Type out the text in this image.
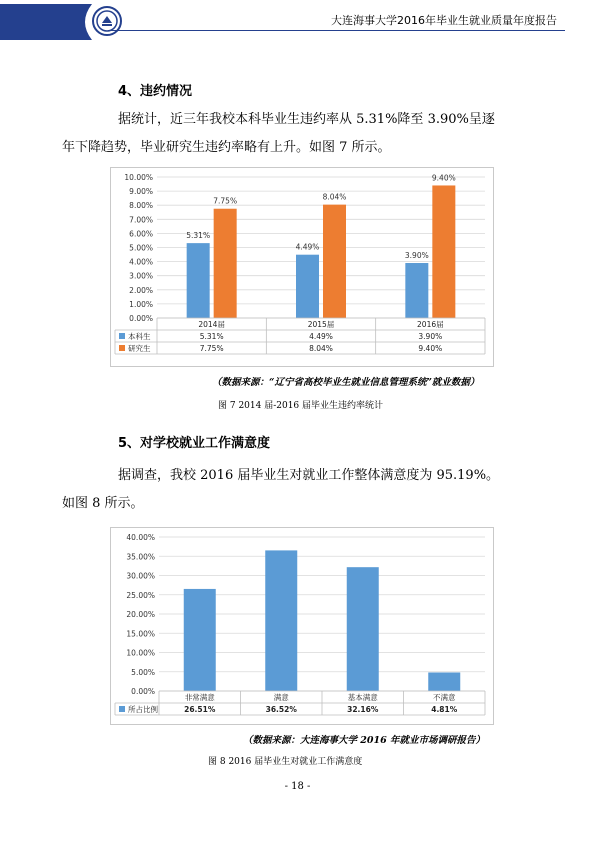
大连海事大学2016年毕业生就业质量年度报告
4、违约情况
据统计，近三年我校本科毕业生违约率从 5.31%降至 3.90%呈逐
年下降趋势，毕业研究生违约率略有上升。如图 7 所示。
0.00%
1.00%
2.00%
3.00%
4.00%
5.00%
6.00%
7.00%
8.00%
9.00%
10.00%
5.31%
7.75%
4.49%
8.04%
3.90%
9.40%
2014届	2015届	2016届
本科生	5.31%	4.49%	3.90%
研究生	7.75%	8.04%	9.40%
（数据来源：“辽宁省高校毕业生就业信息管理系统”就业数据）
图 7 2014 届-2016 届毕业生违约率统计
5、对学校就业工作满意度
据调查，我校 2016 届毕业生对就业工作整体满意度为 95.19%。
如图 8 所示。
0.00%
5.00%
10.00%
15.00%
20.00%
25.00%
30.00%
35.00%
40.00%
非常满意	满意	基本满意	不满意
所占比例	26.51%	36.52%	32.16%	4.81%
（数据来源：大连海事大学 2016 年就业市场调研报告）
图 8 2016 届毕业生对就业工作满意度
- 18 -
